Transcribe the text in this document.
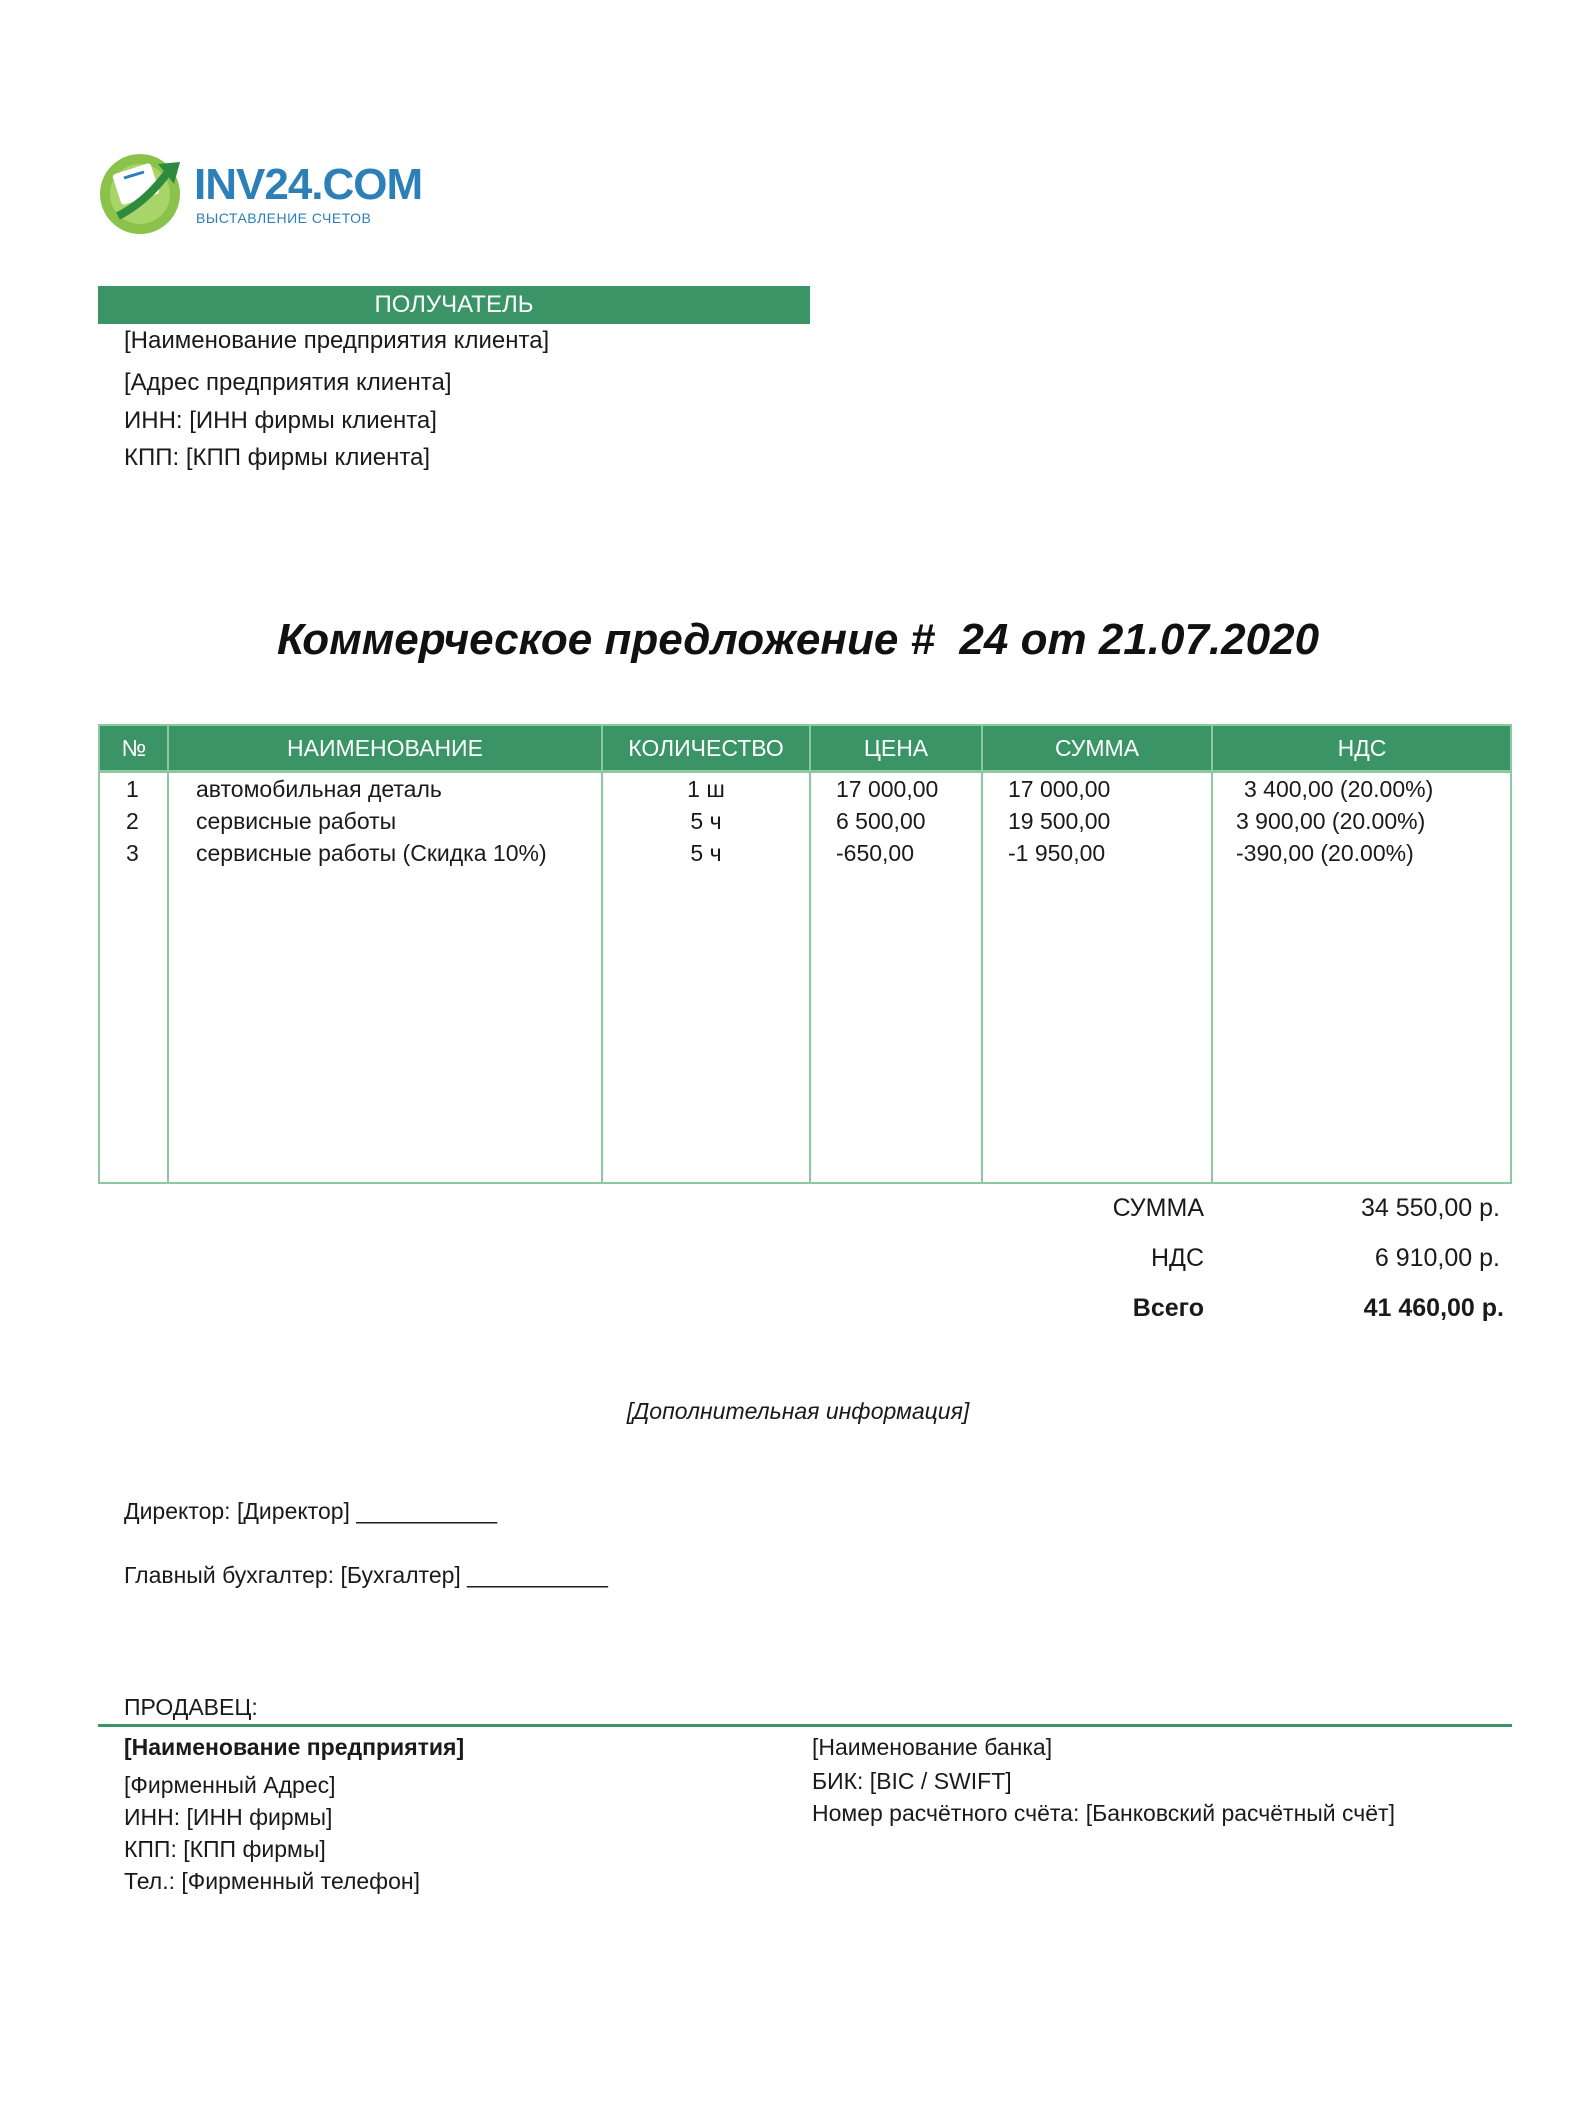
INV24.COM
ВЫСТАВЛЕНИЕ СЧЕТОВ
ПОЛУЧАТЕЛЬ
[Наименование предприятия клиента]
[Адрес предприятия клиента]
ИНН: [ИНН фирмы клиента]
КПП: [КПП фирмы клиента]
Коммерческое предложение #  24 от 21.07.2020
№	НАИМЕНОВАНИЕ	КОЛИЧЕСТВО	ЦЕНА	СУММА	НДС
1 автомобильная деталь	1 ш	17 000,00	17 000,00	3 400,00 (20.00%)
2 сервисные работы	5 ч	6 500,00	19 500,00	3 900,00 (20.00%)
3 сервисные работы (Скидка 10%)	5 ч	-650,00	-1 950,00	-390,00 (20.00%)
СУММА	34 550,00 р.
НДС	6 910,00 р.
Всего	41 460,00 р.
[Дополнительная информация]
Директор: [Директор] ___________
Главный бухгалтер: [Бухгалтер] ___________
ПРОДАВЕЦ:
[Наименование предприятия]
[Фирменный Адрес]
ИНН: [ИНН фирмы]
КПП: [КПП фирмы]
Тел.: [Фирменный телефон]
[Наименование банка]
БИК: [BIC / SWIFT]
Номер расчётного счёта: [Банковский расчётный счёт]
